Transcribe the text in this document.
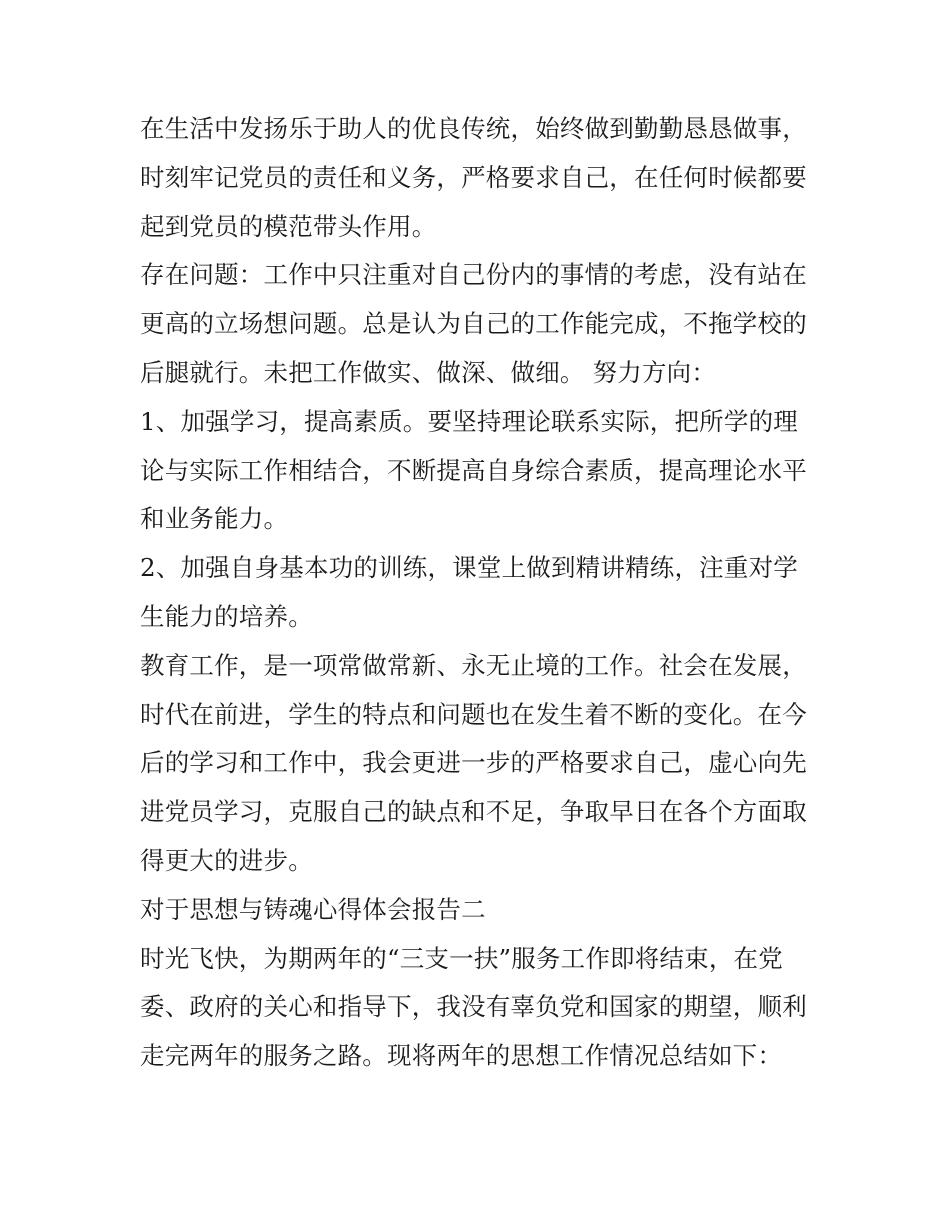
在生活中发扬乐于助人的优良传统，始终做到勤勤恳恳做事，时刻牢记党员的责任和义务，严格要求自己，在任何时候都要起到党员的模范带头作用。

存在问题：工作中只注重对自己份内的事情的考虑，没有站在更高的立场想问题。总是认为自己的工作能完成，不拖学校的后腿就行。未把工作做实、做深、做细。 努力方向：

1、加强学习，提高素质。要坚持理论联系实际，把所学的理论与实际工作相结合，不断提高自身综合素质，提高理论水平和业务能力。

2、加强自身基本功的训练，课堂上做到精讲精练，注重对学生能力的培养。

教育工作，是一项常做常新、永无止境的工作。社会在发展，时代在前进，学生的特点和问题也在发生着不断的变化。在今后的学习和工作中，我会更进一步的严格要求自己，虚心向先进党员学习，克服自己的缺点和不足，争取早日在各个方面取得更大的进步。

对于思想与铸魂心得体会报告二

时光飞快，为期两年的“三支一扶”服务工作即将结束，在党委、政府的关心和指导下，我没有辜负党和国家的期望，顺利走完两年的服务之路。现将两年的思想工作情况总结如下：
